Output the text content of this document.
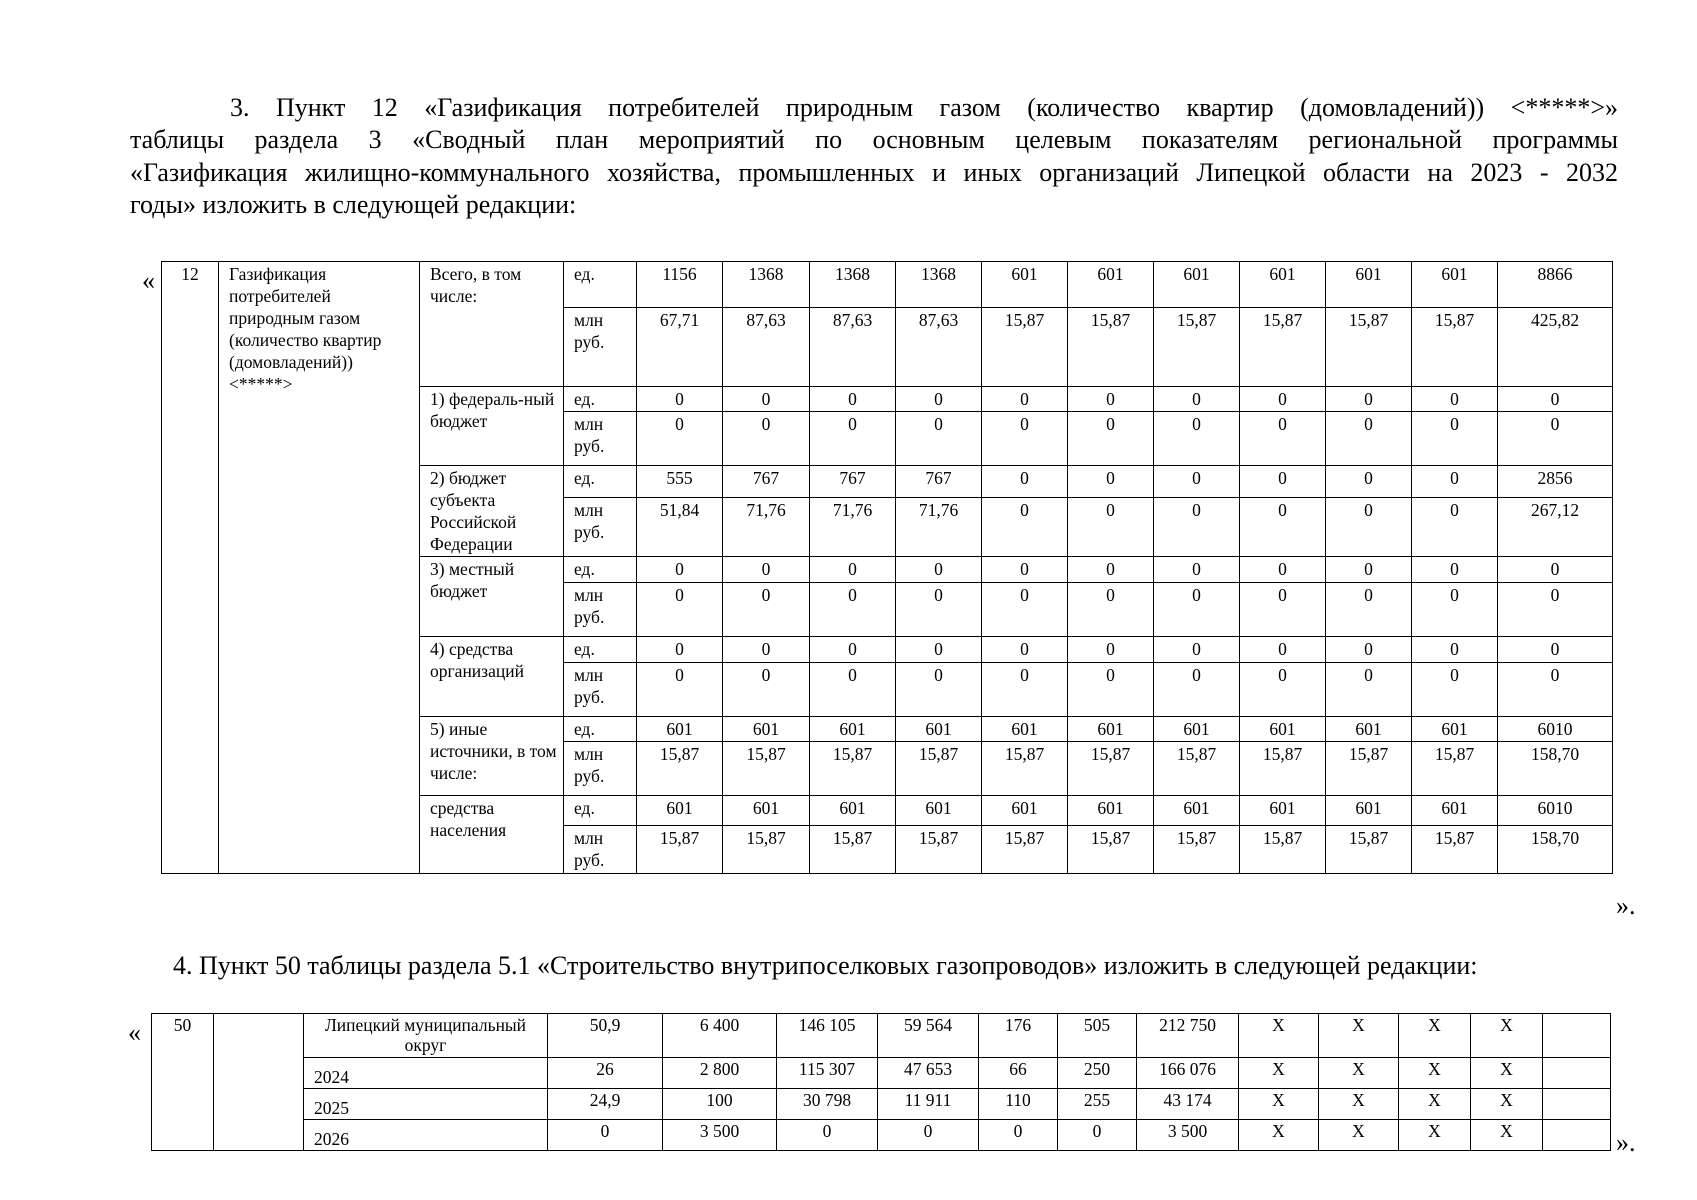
3. Пункт 12 «Газификация потребителей природным газом (количество квартир (домовладений)) <*****>»

таблицы раздела 3 «Сводный план мероприятий по основным целевым показателям региональной программы

«Газификация жилищно-коммунального хозяйства, промышленных и иных организаций Липецкой области на 2023 - 2032

годы» изложить в следующей редакции:

«
».
12	Газификация потребителей природным газом (количество квартир (домовладений)) <*****>	Всего, в том числе:	ед.	1156	1368	1368	1368	601	601	601	601	601	601	8866
			млн руб.	67,71	87,63	87,63	87,63	15,87	15,87	15,87	15,87	15,87	15,87	425,82
		1) федераль-ный бюджет	ед.	0	0	0	0	0	0	0	0	0	0	0
			млн руб.	0	0	0	0	0	0	0	0	0	0	0
		2) бюджет субъекта Российской Федерации	ед.	555	767	767	767	0	0	0	0	0	0	2856
			млн руб.	51,84	71,76	71,76	71,76	0	0	0	0	0	0	267,12
		3) местный бюджет	ед.	0	0	0	0	0	0	0	0	0	0	0
			млн руб.	0	0	0	0	0	0	0	0	0	0	0
		4) средства организаций	ед.	0	0	0	0	0	0	0	0	0	0	0
			млн руб.	0	0	0	0	0	0	0	0	0	0	0
		5) иные источники, в том числе:	ед.	601	601	601	601	601	601	601	601	601	601	6010
			млн руб.	15,87	15,87	15,87	15,87	15,87	15,87	15,87	15,87	15,87	15,87	158,70
		средства населения	ед.	601	601	601	601	601	601	601	601	601	601	6010
			млн руб.	15,87	15,87	15,87	15,87	15,87	15,87	15,87	15,87	15,87	15,87	158,70

4. Пункт 50 таблицы раздела 5.1 «Строительство внутрипоселковых газопроводов» изложить в следующей редакции:

«
».
50		Липецкий муниципальный округ	50,9	6 400	146 105	59 564	176	505	212 750	X	X	X	X	
		2024	26	2 800	115 307	47 653	66	250	166 076	X	X	X	X	
		2025	24,9	100	30 798	11 911	110	255	43 174	X	X	X	X	
		2026	0	3 500	0	0	0	0	3 500	X	X	X	X	
